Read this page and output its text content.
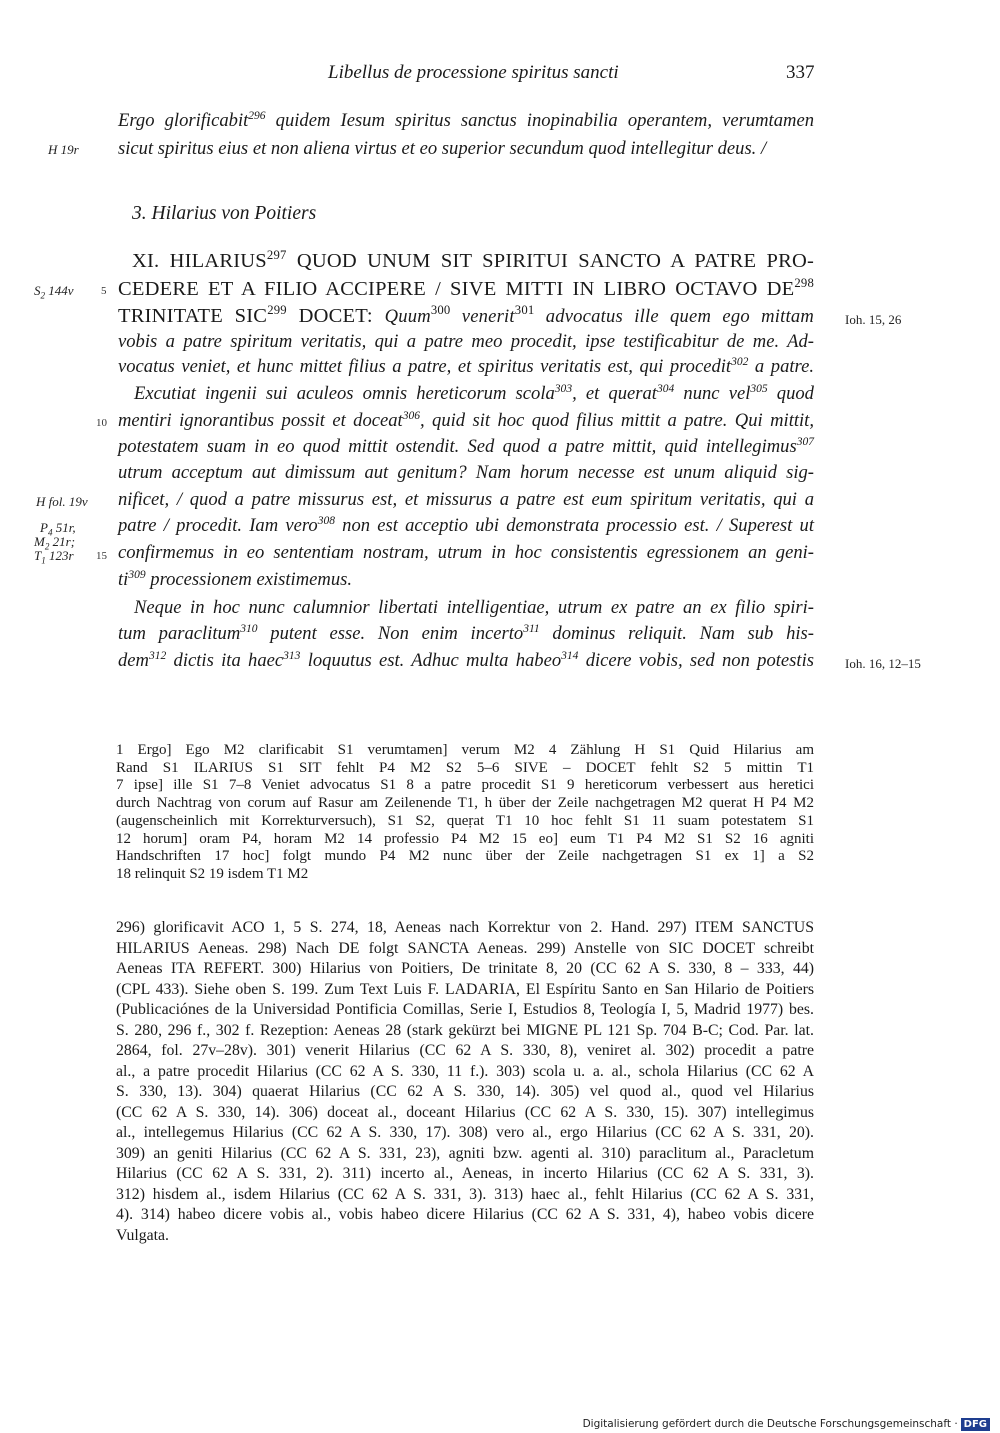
Libellus de processione spiritus sancti	337
Ergo glorificabit$^{296}$ quidem Iesum spiritus sanctus inopinabilia operantem, verumtamen
sicut spiritus eius et non aliena virtus et eo superior secundum quod intellegitur deus. /
H 19r
3. Hilarius von Poitiers
XI. HILARIUS$^{297}$ QUOD UNUM SIT SPIRITUI SANCTO A PATRE PRO-
$S_2$ 144v 5 CEDERE ET A FILIO ACCIPERE / SIVE MITTI IN LIBRO OCTAVO DE$^{298}$
TRINITATE SIC$^{299}$ DOCET: Quum$^{300}$ venerit$^{301}$ advocatus ille quem ego mittam Ioh. 15, 26
vobis a patre spiritum veritatis, qui a patre meo procedit, ipse testificabitur de me. Ad-
vocatus veniet, et hunc mittet filius a patre, et spiritus veritatis est, qui procedit$^{302}$ a patre.
Excutiat ingenii sui aculeos omnis hereticorum scola$^{303}$, et querat$^{304}$ nunc vel$^{305}$ quod
10 mentiri ignorantibus possit et doceat$^{306}$, quid sit hoc quod filius mittit a patre. Qui mittit,
potestatem suam in eo quod mittit ostendit. Sed quod a patre mittit, quid intellegimus$^{307}$
utrum acceptum aut dimissum aut genitum? Nam horum necesse est unum aliquid sig-
H fol. 19v nificet, / quod a patre missurus est, et missurus a patre est eum spiritum veritatis, qui a
$P_4$ 51r, patre / procedit. Iam vero$^{308}$ non est acceptio ubi demonstrata processio est. / Superest ut
$M_2$ 21r;
$T_1$ 123r 15 confirmemus in eo sententiam nostram, utrum in hoc consistentis egressionem an geni-
$ti^{309}$ processionem existimemus.
Neque in hoc nunc calumnior libertati intelligentiae, utrum ex patre an ex filio spiri-
tum paraclitum$^{310}$ putent esse. Non enim incerto$^{311}$ dominus reliquit. Nam sub his-
dem$^{312}$ dictis ita haec$^{313}$ loquutus est. Adhuc multa habeo$^{314}$ dicere vobis, sed non potestis Ioh. 16, 12–15
1 Ergo] Ego M2 clarificabit S1 verumtamen] verum M2 4 Zählung H S1 Quid Hilarius am
Rand S1 ILARIUS S1 SIT fehlt P4 M2 S2 5–6 SIVE – DOCET fehlt S2 5 mittin T1
7 ipse] ille S1 7–8 Veniet advocatus S1 8 a patre procedit S1 9 hereticorum verbessert aus heretici
durch Nachtrag von corum auf Rasur am Zeilenende T1, h über der Zeile nachgetragen M2 querat H P4 M2
(augenscheinlich mit Korrekturversuch), S1 S2, queṛat T1 10 hoc fehlt S1 11 suam potestatem S1
12 horum] oram P4, horam M2 14 professio P4 M2 15 eo] eum T1 P4 M2 S1 S2 16 agniti
Handschriften 17 hoc] folgt mundo P4 M2 nunc über der Zeile nachgetragen S1 ex 1] a S2
18 relinquit S2 19 isdem T1 M2
296) glorificavit ACO 1, 5 S. 274, 18, Aeneas nach Korrektur von 2. Hand. 297) ITEM SANCTUS
HILARIUS Aeneas. 298) Nach DE folgt SANCTA Aeneas. 299) Anstelle von SIC DOCET schreibt
Aeneas ITA REFERT. 300) Hilarius von Poitiers, De trinitate 8, 20 (CC 62 A S. 330, 8 – 333, 44)
(CPL 433). Siehe oben S. 199. Zum Text Luis F. LADARIA, El Espíritu Santo en San Hilario de Poitiers
(Publicaciónes de la Universidad Pontificia Comillas, Serie I, Estudios 8, Teología I, 5, Madrid 1977) bes.
S. 280, 296 f., 302 f. Rezeption: Aeneas 28 (stark gekürzt bei MIGNE PL 121 Sp. 704 B-C; Cod. Par. lat.
2864, fol. 27v–28v). 301) venerit Hilarius (CC 62 A S. 330, 8), veniret al. 302) procedit a patre
al., a patre procedit Hilarius (CC 62 A S. 330, 11 f.). 303) scola u. a. al., schola Hilarius (CC 62 A
S. 330, 13). 304) quaerat Hilarius (CC 62 A S. 330, 14). 305) vel quod al., quod vel Hilarius
(CC 62 A S. 330, 14). 306) doceat al., doceant Hilarius (CC 62 A S. 330, 15). 307) intellegimus
al., intellegemus Hilarius (CC 62 A S. 330, 17). 308) vero al., ergo Hilarius (CC 62 A S. 331, 20).
309) an geniti Hilarius (CC 62 A S. 331, 23), agniti bzw. agenti al. 310) paraclitum al., Paracletum
Hilarius (CC 62 A S. 331, 2). 311) incerto al., Aeneas, in incerto Hilarius (CC 62 A S. 331, 3).
312) hisdem al., isdem Hilarius (CC 62 A S. 331, 3). 313) haec al., fehlt Hilarius (CC 62 A S. 331,
4). 314) habeo dicere vobis al., vobis habeo dicere Hilarius (CC 62 A S. 331, 4), habeo vobis dicere
Vulgata.
Digitalisierung gefördert durch die Deutsche Forschungsgemeinschaft · DFG
